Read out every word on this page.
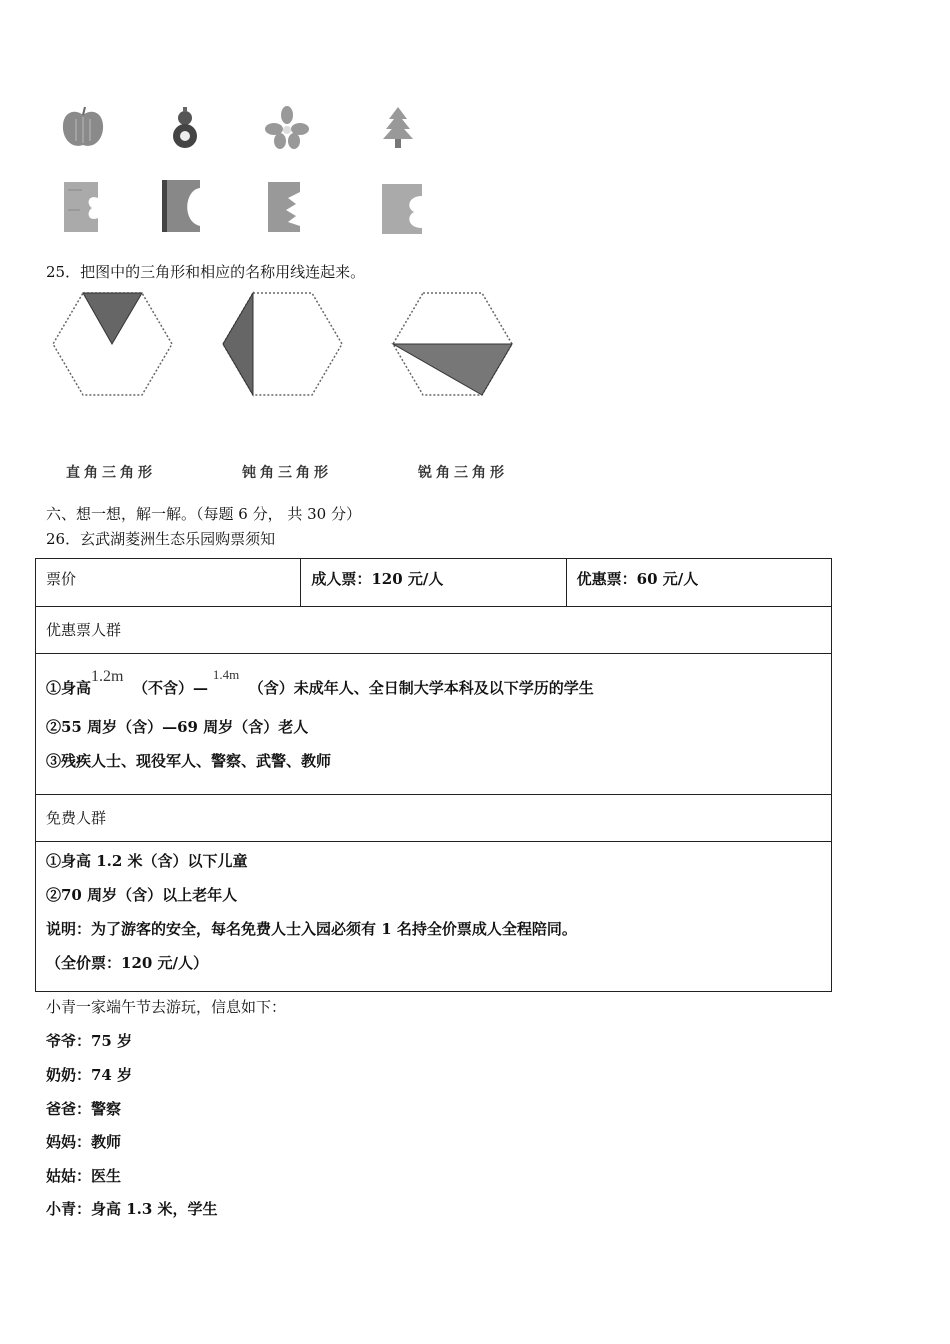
25．把图中的三角形和相应的名称用线连起来。
直角三角形	钝角三角形	锐角三角形
六、想一想，解一解。（每题 6 分， 共 30 分）
26．玄武湖菱洲生态乐园购票须知
票价	成人票：120 元/人	优惠票：60 元/人
优惠票人群
①身高1.2m  （不含）— 1.4m  （含）未成年人、全日制大学本科及以下学历的学生
②55 周岁（含）—69 周岁（含）老人
③残疾人士、现役军人、警察、武警、教师
免费人群
①身高 1.2 米（含）以下儿童
②70 周岁（含）以上老年人
说明：为了游客的安全，每名免费人士入园必须有 1 名持全价票成人全程陪同。
（全价票：120 元/人）
小青一家端午节去游玩，信息如下：
爷爷：75 岁
奶奶：74 岁
爸爸：警察
妈妈：教师
姑姑：医生
小青：身高 1.3 米，学生
